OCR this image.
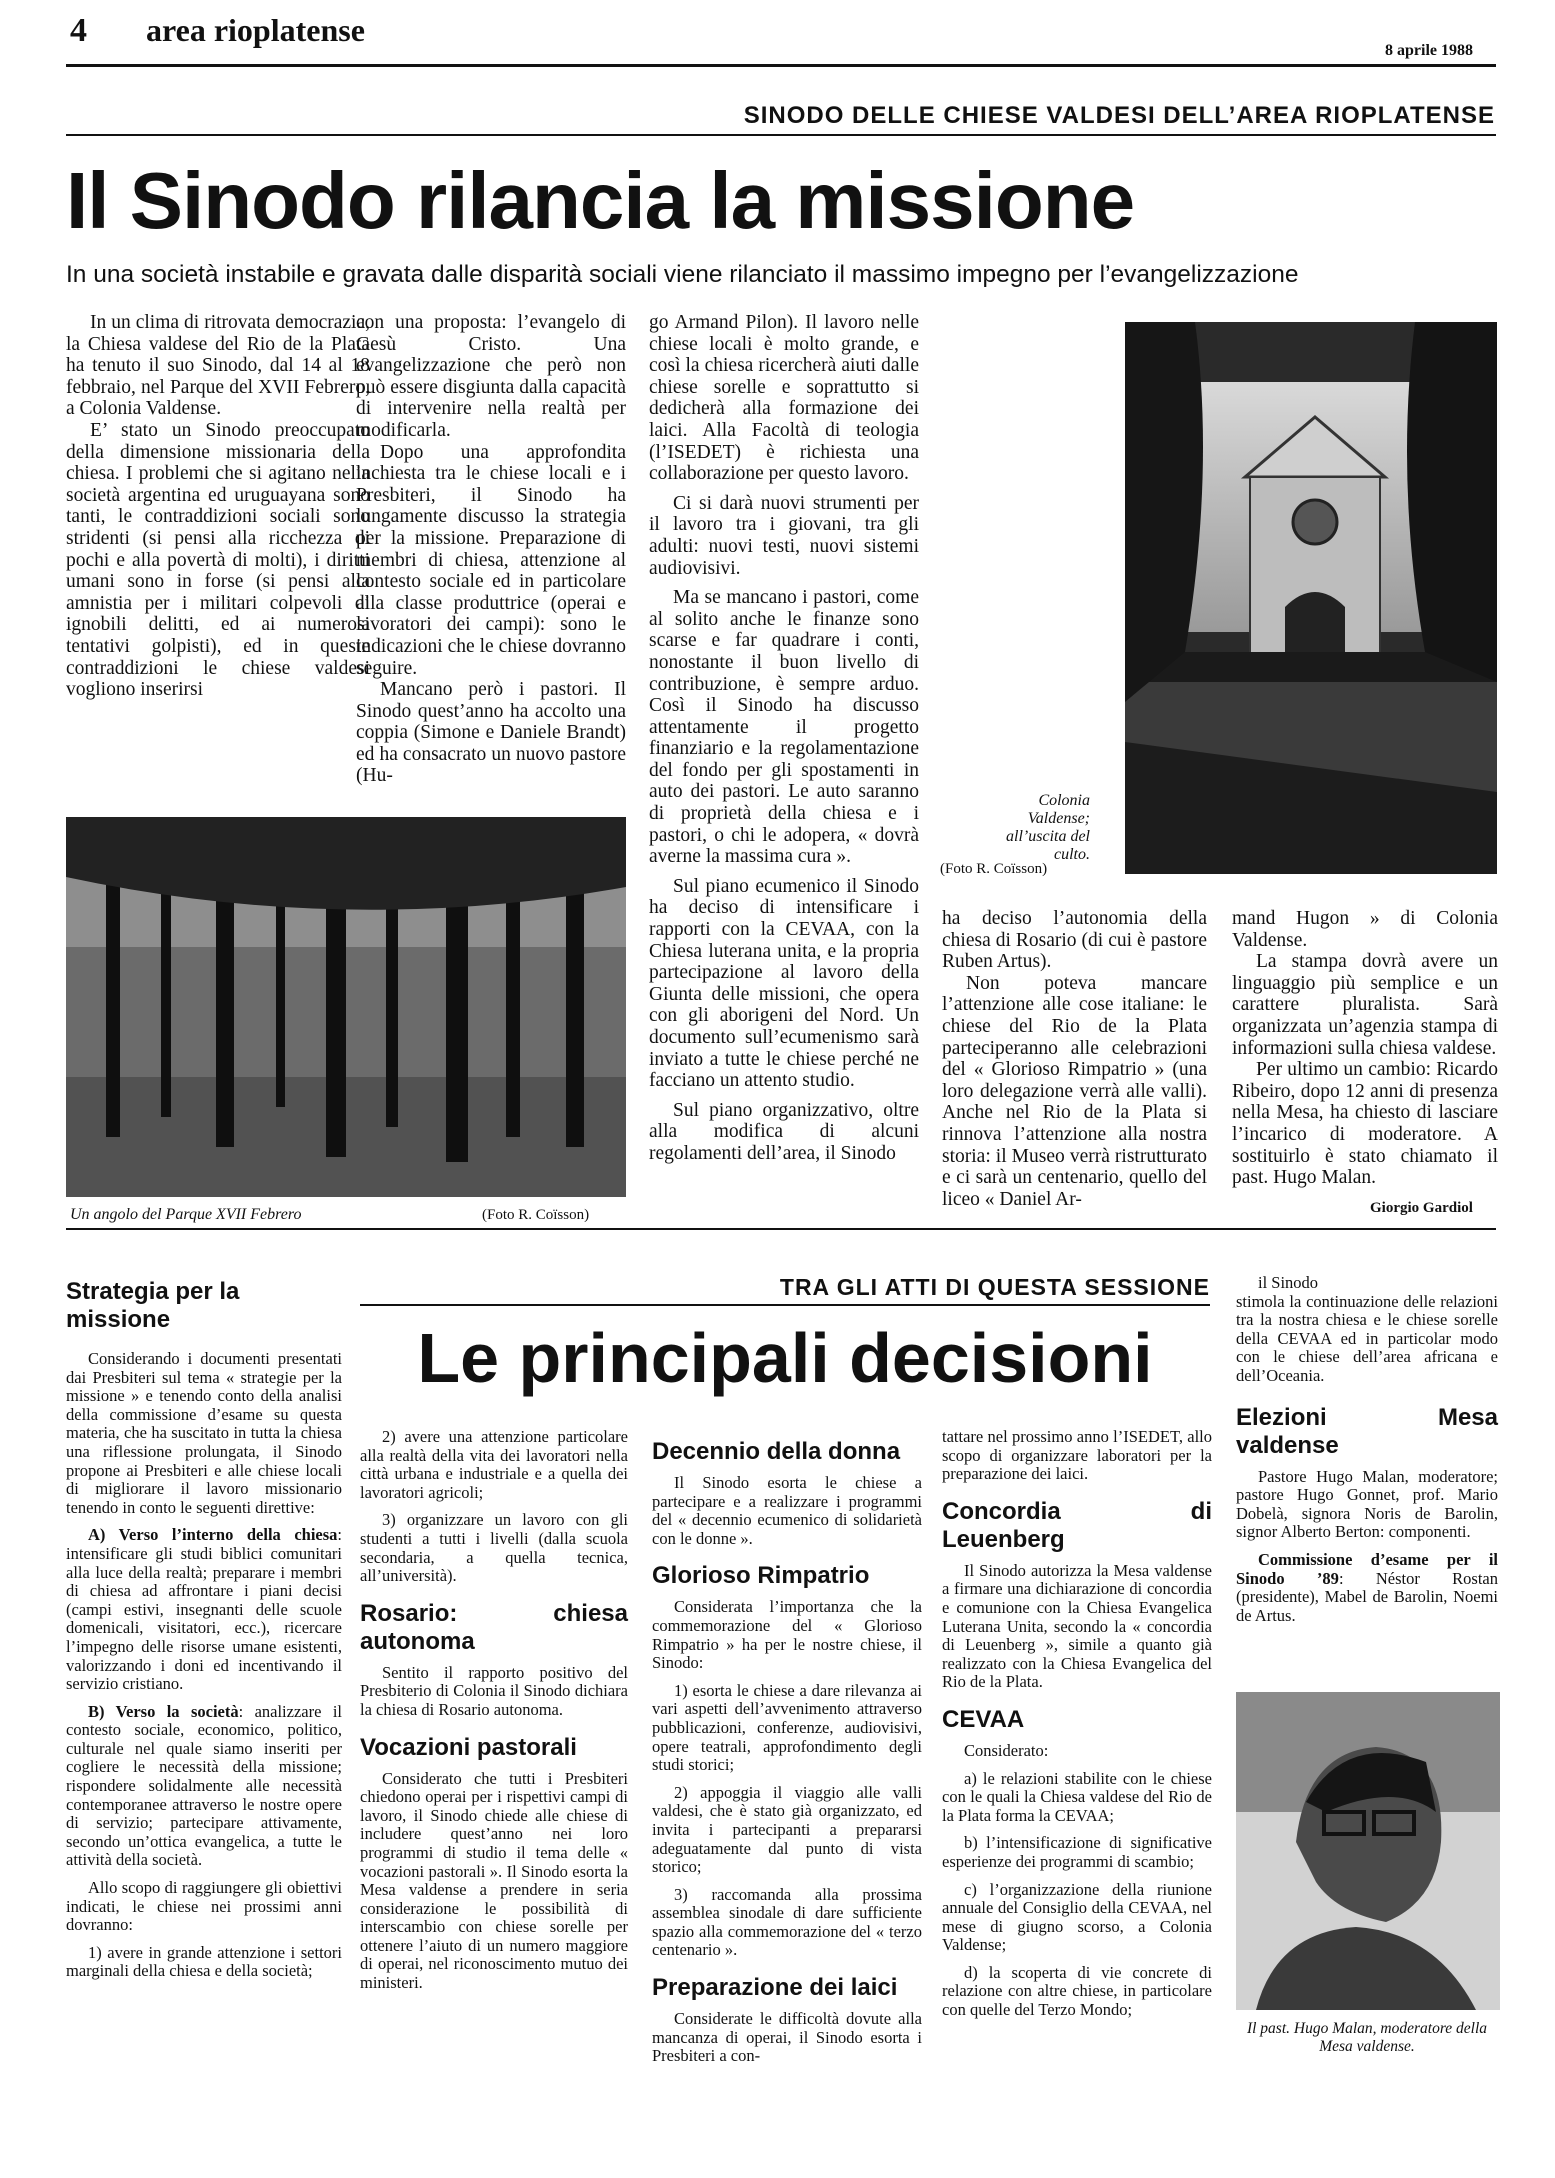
4 area rioplatense
8 aprile 1988
SINODO DELLE CHIESE VALDESI DELL’AREA RIOPLATENSE
Il Sinodo rilancia la missione
In una società instabile e gravata dalle disparità sociali viene rilanciato il massimo impegno per l’evangelizzazione

In un clima di ritrovata democrazia, la Chiesa valdese del Rio de la Plata ha tenuto il suo Sinodo, dal 14 al 18 febbraio, nel Parque del XVII Febrero, a Colonia Valdense.

E’ stato un Sinodo preoccupato della dimensione missionaria della chiesa. I problemi che si agitano nella società argentina ed uruguayana sono tanti, le contraddizioni sociali sono stridenti (si pensi alla ricchezza di pochi e alla povertà di molti), i diritti umani sono in forse (si pensi alla amnistia per i militari colpevoli di ignobili delitti, ed ai numerosi tentativi golpisti), ed in queste contraddizioni le chiese valdesi vogliono inserirsi

con una proposta: l’evangelo di Gesù Cristo. Una evangelizzazione che però non può essere disgiunta dalla capacità di intervenire nella realtà per modificarla.

Dopo una approfondita inchiesta tra le chiese locali e i Presbiteri, il Sinodo ha lungamente discusso la strategia per la missione. Preparazione di membri di chiesa, attenzione al contesto sociale ed in particolare alla classe produttrice (operai e lavoratori dei campi): sono le indicazioni che le chiese dovranno seguire.

Mancano però i pastori. Il Sinodo quest’anno ha accolto una coppia (Simone e Daniele Brandt) ed ha consacrato un nuovo pastore (Hu-

go Armand Pilon). Il lavoro nelle chiese locali è molto grande, e così la chiesa ricercherà aiuti dalle chiese sorelle e soprattutto si dedicherà alla formazione dei laici. Alla Facoltà di teologia (l’ISEDET) è richiesta una collaborazione per questo lavoro.

Ci si darà nuovi strumenti per il lavoro tra i giovani, tra gli adulti: nuovi testi, nuovi sistemi audiovisivi.

Ma se mancano i pastori, come al solito anche le finanze sono scarse e far quadrare i conti, nonostante il buon livello di contribuzione, è sempre arduo. Così il Sinodo ha discusso attentamente il progetto finanziario e la regolamentazione del fondo per gli spostamenti in auto dei pastori. Le auto saranno di proprietà della chiesa e i pastori, o chi le adopera, « dovrà averne la massima cura ».

Sul piano ecumenico il Sinodo ha deciso di intensificare i rapporti con la CEVAA, con la Chiesa luterana unita, e la propria partecipazione al lavoro della Giunta delle missioni, che opera con gli aborigeni del Nord. Un documento sull’ecumenismo sarà inviato a tutte le chiese perché ne facciano un attento studio.

Sul piano organizzativo, oltre alla modifica di alcuni regolamenti dell’area, il Sinodo

ha deciso l’autonomia della chiesa di Rosario (di cui è pastore Ruben Artus).

Non poteva mancare l’attenzione alle cose italiane: le chiese del Rio de la Plata parteciperanno alle celebrazioni del « Glorioso Rimpatrio » (una loro delegazione verrà alle valli). Anche nel Rio de la Plata si rinnova l’attenzione alla nostra storia: il Museo verrà ristrutturato e ci sarà un centenario, quello del liceo « Daniel Ar-

mand Hugon » di Colonia Valdense.

La stampa dovrà avere un linguaggio più semplice e un carattere pluralista. Sarà organizzata un’agenzia stampa di informazioni sulla chiesa valdese.

Per ultimo un cambio: Ricardo Ribeiro, dopo 12 anni di presenza nella Mesa, ha chiesto di lasciare l’incarico di moderatore. A sostituirlo è stato chiamato il past. Hugo Malan.

Giorgio Gardiol
Colonia Valdense; all’uscita del culto.
(Foto R. Coïsson)
Un angolo del Parque XVII Febrero	(Foto R. Coïsson)
Strategia per la missione

Considerando i documenti presentati dai Presbiteri sul tema « strategie per la missione » e tenendo conto della analisi della commissione d’esame su questa materia, che ha suscitato in tutta la chiesa una riflessione prolungata, il Sinodo propone ai Presbiteri e alle chiese locali di migliorare il lavoro missionario tenendo in conto le seguenti direttive:

A) Verso l’interno della chiesa: intensificare gli studi biblici comunitari alla luce della realtà; preparare i membri di chiesa ad affrontare i piani decisi (campi estivi, insegnanti delle scuole domenicali, visitatori, ecc.), ricercare l’impegno delle risorse umane esistenti, valorizzando i doni ed incentivando il servizio cristiano.

B) Verso la società: analizzare il contesto sociale, economico, politico, culturale nel quale siamo inseriti per cogliere le necessità della missione; rispondere solidalmente alle necessità contemporanee attraverso le nostre opere di servizio; partecipare attivamente, secondo un’ottica evangelica, a tutte le attività della società.

Allo scopo di raggiungere gli obiettivi indicati, le chiese nei prossimi anni dovranno:

1) avere in grande attenzione i settori marginali della chiesa e della società;

TRA GLI ATTI DI QUESTA SESSIONE
Le principali decisioni

2) avere una attenzione particolare alla realtà della vita dei lavoratori nella città urbana e industriale e a quella dei lavoratori agricoli;

3) organizzare un lavoro con gli studenti a tutti i livelli (dalla scuola secondaria, a quella tecnica, all’università).

Rosario: chiesa autonoma

Sentito il rapporto positivo del Presbiterio di Colonia il Sinodo dichiara la chiesa di Rosario autonoma.

Vocazioni pastorali

Considerato che tutti i Presbiteri chiedono operai per i rispettivi campi di lavoro, il Sinodo chiede alle chiese di includere quest’anno nei loro programmi di studio il tema delle « vocazioni pastorali ». Il Sinodo esorta la Mesa valdense a prendere in seria considerazione le possibilità di interscambio con chiese sorelle per ottenere l’aiuto di un numero maggiore di operai, nel riconoscimento mutuo dei ministeri.

Decennio della donna

Il Sinodo esorta le chiese a partecipare e a realizzare i programmi del « decennio ecumenico di solidarietà con le donne ».

Glorioso Rimpatrio

Considerata l’importanza che la commemorazione del « Glorioso Rimpatrio » ha per le nostre chiese, il Sinodo:

1) esorta le chiese a dare rilevanza ai vari aspetti dell’avvenimento attraverso pubblicazioni, conferenze, audiovisivi, opere teatrali, approfondimento degli studi storici;

2) appoggia il viaggio alle valli valdesi, che è stato già organizzato, ed invita i partecipanti a prepararsi adeguatamente dal punto di vista storico;

3) raccomanda alla prossima assemblea sinodale di dare sufficiente spazio alla commemorazione del « terzo centenario ».

Preparazione dei laici

Considerate le difficoltà dovute alla mancanza di operai, il Sinodo esorta i Presbiteri a con-

tattare nel prossimo anno l’ISEDET, allo scopo di organizzare laboratori per la preparazione dei laici.

Concordia di Leuenberg

Il Sinodo autorizza la Mesa valdense a firmare una dichiarazione di concordia e comunione con la Chiesa Evangelica Luterana Unita, secondo la « concordia di Leuenberg », simile a quanto già realizzato con la Chiesa Evangelica del Rio de la Plata.

CEVAA

Considerato:

a) le relazioni stabilite con le chiese con le quali la Chiesa valdese del Rio de la Plata forma la CEVAA;

b) l’intensificazione di significative esperienze dei programmi di scambio;

c) l’organizzazione della riunione annuale del Consiglio della CEVAA, nel mese di giugno scorso, a Colonia Valdense;

d) la scoperta di vie concrete di relazione con altre chiese, in particolare con quelle del Terzo Mondo;

il Sinodo

stimola la continuazione delle relazioni tra la nostra chiesa e le chiese sorelle della CEVAA ed in particolar modo con le chiese dell’area africana e dell’Oceania.

Elezioni Mesa valdense

Pastore Hugo Malan, moderatore; pastore Hugo Gonnet, prof. Mario Dobelà, signora Noris de Barolin, signor Alberto Berton: componenti.

Commissione d’esame per il Sinodo ’89: Néstor Rostan (presidente), Mabel de Barolin, Noemi de Artus.

Il past. Hugo Malan, moderatore della Mesa valdense.
